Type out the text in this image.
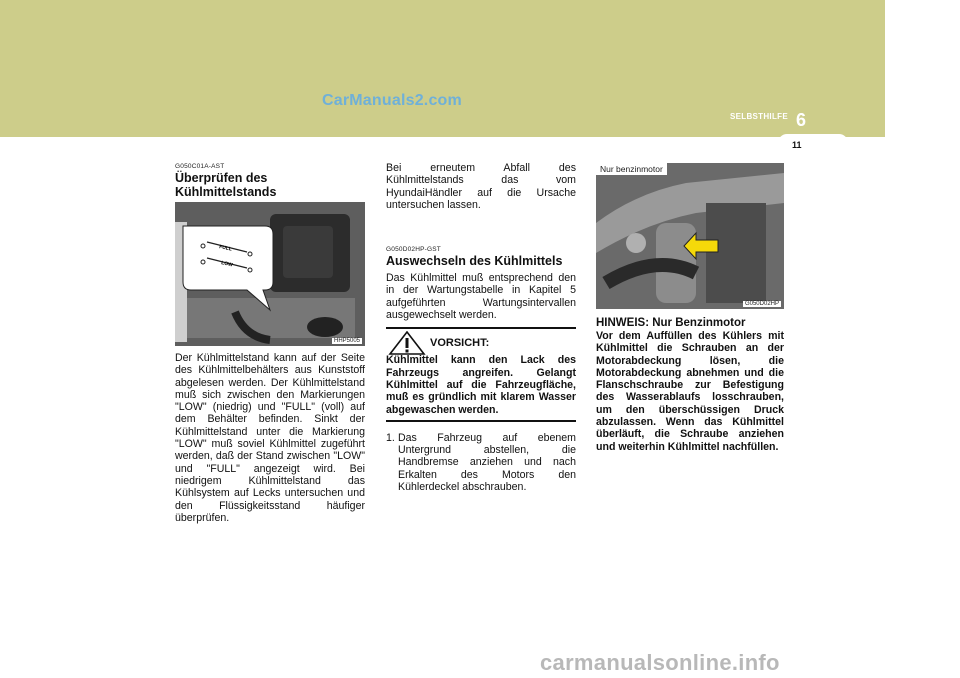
CarManuals2.com
SELBSTHILFE 6
11
G050C01A-AST
Überprüfen des Kühlmittelstands
FULL
LOW
HHP5005
Der Kühlmittelstand kann auf der Seite des Kühlmittelbehälters aus Kunststoff abgelesen werden. Der Kühlmittelstand muß sich zwischen den Markierungen "LOW" (niedrig) und "FULL" (voll) auf dem Behälter befinden. Sinkt der Kühlmittelstand unter die Markierung "LOW" muß soviel Kühlmittel zugeführt werden, daß der Stand zwischen "LOW" und "FULL" angezeigt wird. Bei niedrigem Kühlmittelstand das Kühlsystem auf Lecks untersuchen und den Flüssigkeitsstand häufiger überprüfen.
Bei erneutem Abfall des Kühlmittelstands das vom HyundaiHändler auf die Ursache untersuchen lassen.
G050D02HP-GST
Auswechseln des Kühlmittels
Das Kühlmittel muß entsprechend den in der Wartungstabelle in Kapitel 5 aufgeführten Wartungsintervallen ausgewechselt werden.
VORSICHT:
Kühlmittel kann den Lack des Fahrzeugs angreifen. Gelangt Kühlmittel auf die Fahrzeugfläche, muß es gründlich mit klarem Wasser abgewaschen werden.
1. Das Fahrzeug auf ebenem Untergrund abstellen, die Handbremse anziehen und nach Erkalten des Motors den Kühlerdeckel abschrauben.
Nur benzinmotor
G050D02HP
HINWEIS: Nur Benzinmotor
Vor dem Auffüllen des Kühlers mit Kühlmittel die Schrauben an der Motorabdeckung lösen, die Motorabdeckung abnehmen und die Flanschschraube zur Befestigung des Wasserablaufs losschrauben, um den überschüssigen Druck abzulassen. Wenn das Kühlmittel überläuft, die Schraube anziehen und weiterhin Kühlmittel nachfüllen.
carmanualsonline.info
